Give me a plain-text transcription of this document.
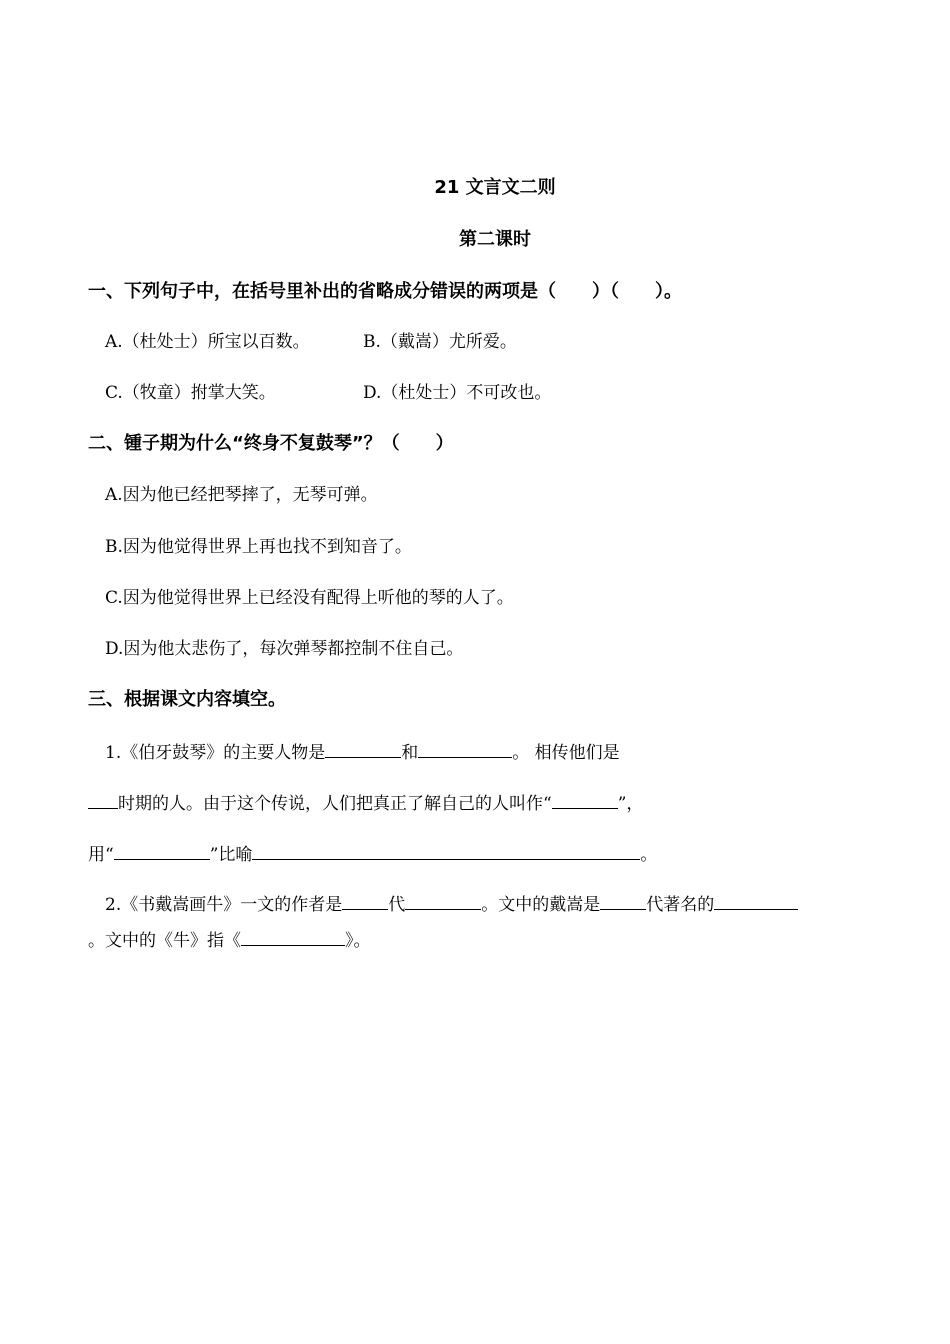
21 文言文二则
第二课时
一、下列句子中，在括号里补出的省略成分错误的两项是（　　）（　　）。
A.（杜处士）所宝以百数。	B.（戴嵩）尤所爱。
C.（牧童）拊掌大笑。	D.（杜处士）不可改也。
二、锺子期为什么“终身不复鼓琴”？（　　）
A.因为他已经把琴摔了，无琴可弹。
B.因为他觉得世界上再也找不到知音了。
C.因为他觉得世界上已经没有配得上听他的琴的人了。
D.因为他太悲伤了，每次弹琴都控制不住自己。
三、根据课文内容填空。
1.《伯牙鼓琴》的主要人物是	和	。 相传他们是
时期的人。由于这个传说，人们把真正了解自己的人叫作“	”，
用“	”比喻	。
2.《书戴嵩画牛》一文的作者是	代	。文中的戴嵩是	代著名的
。文中的《牛》指《	》。
